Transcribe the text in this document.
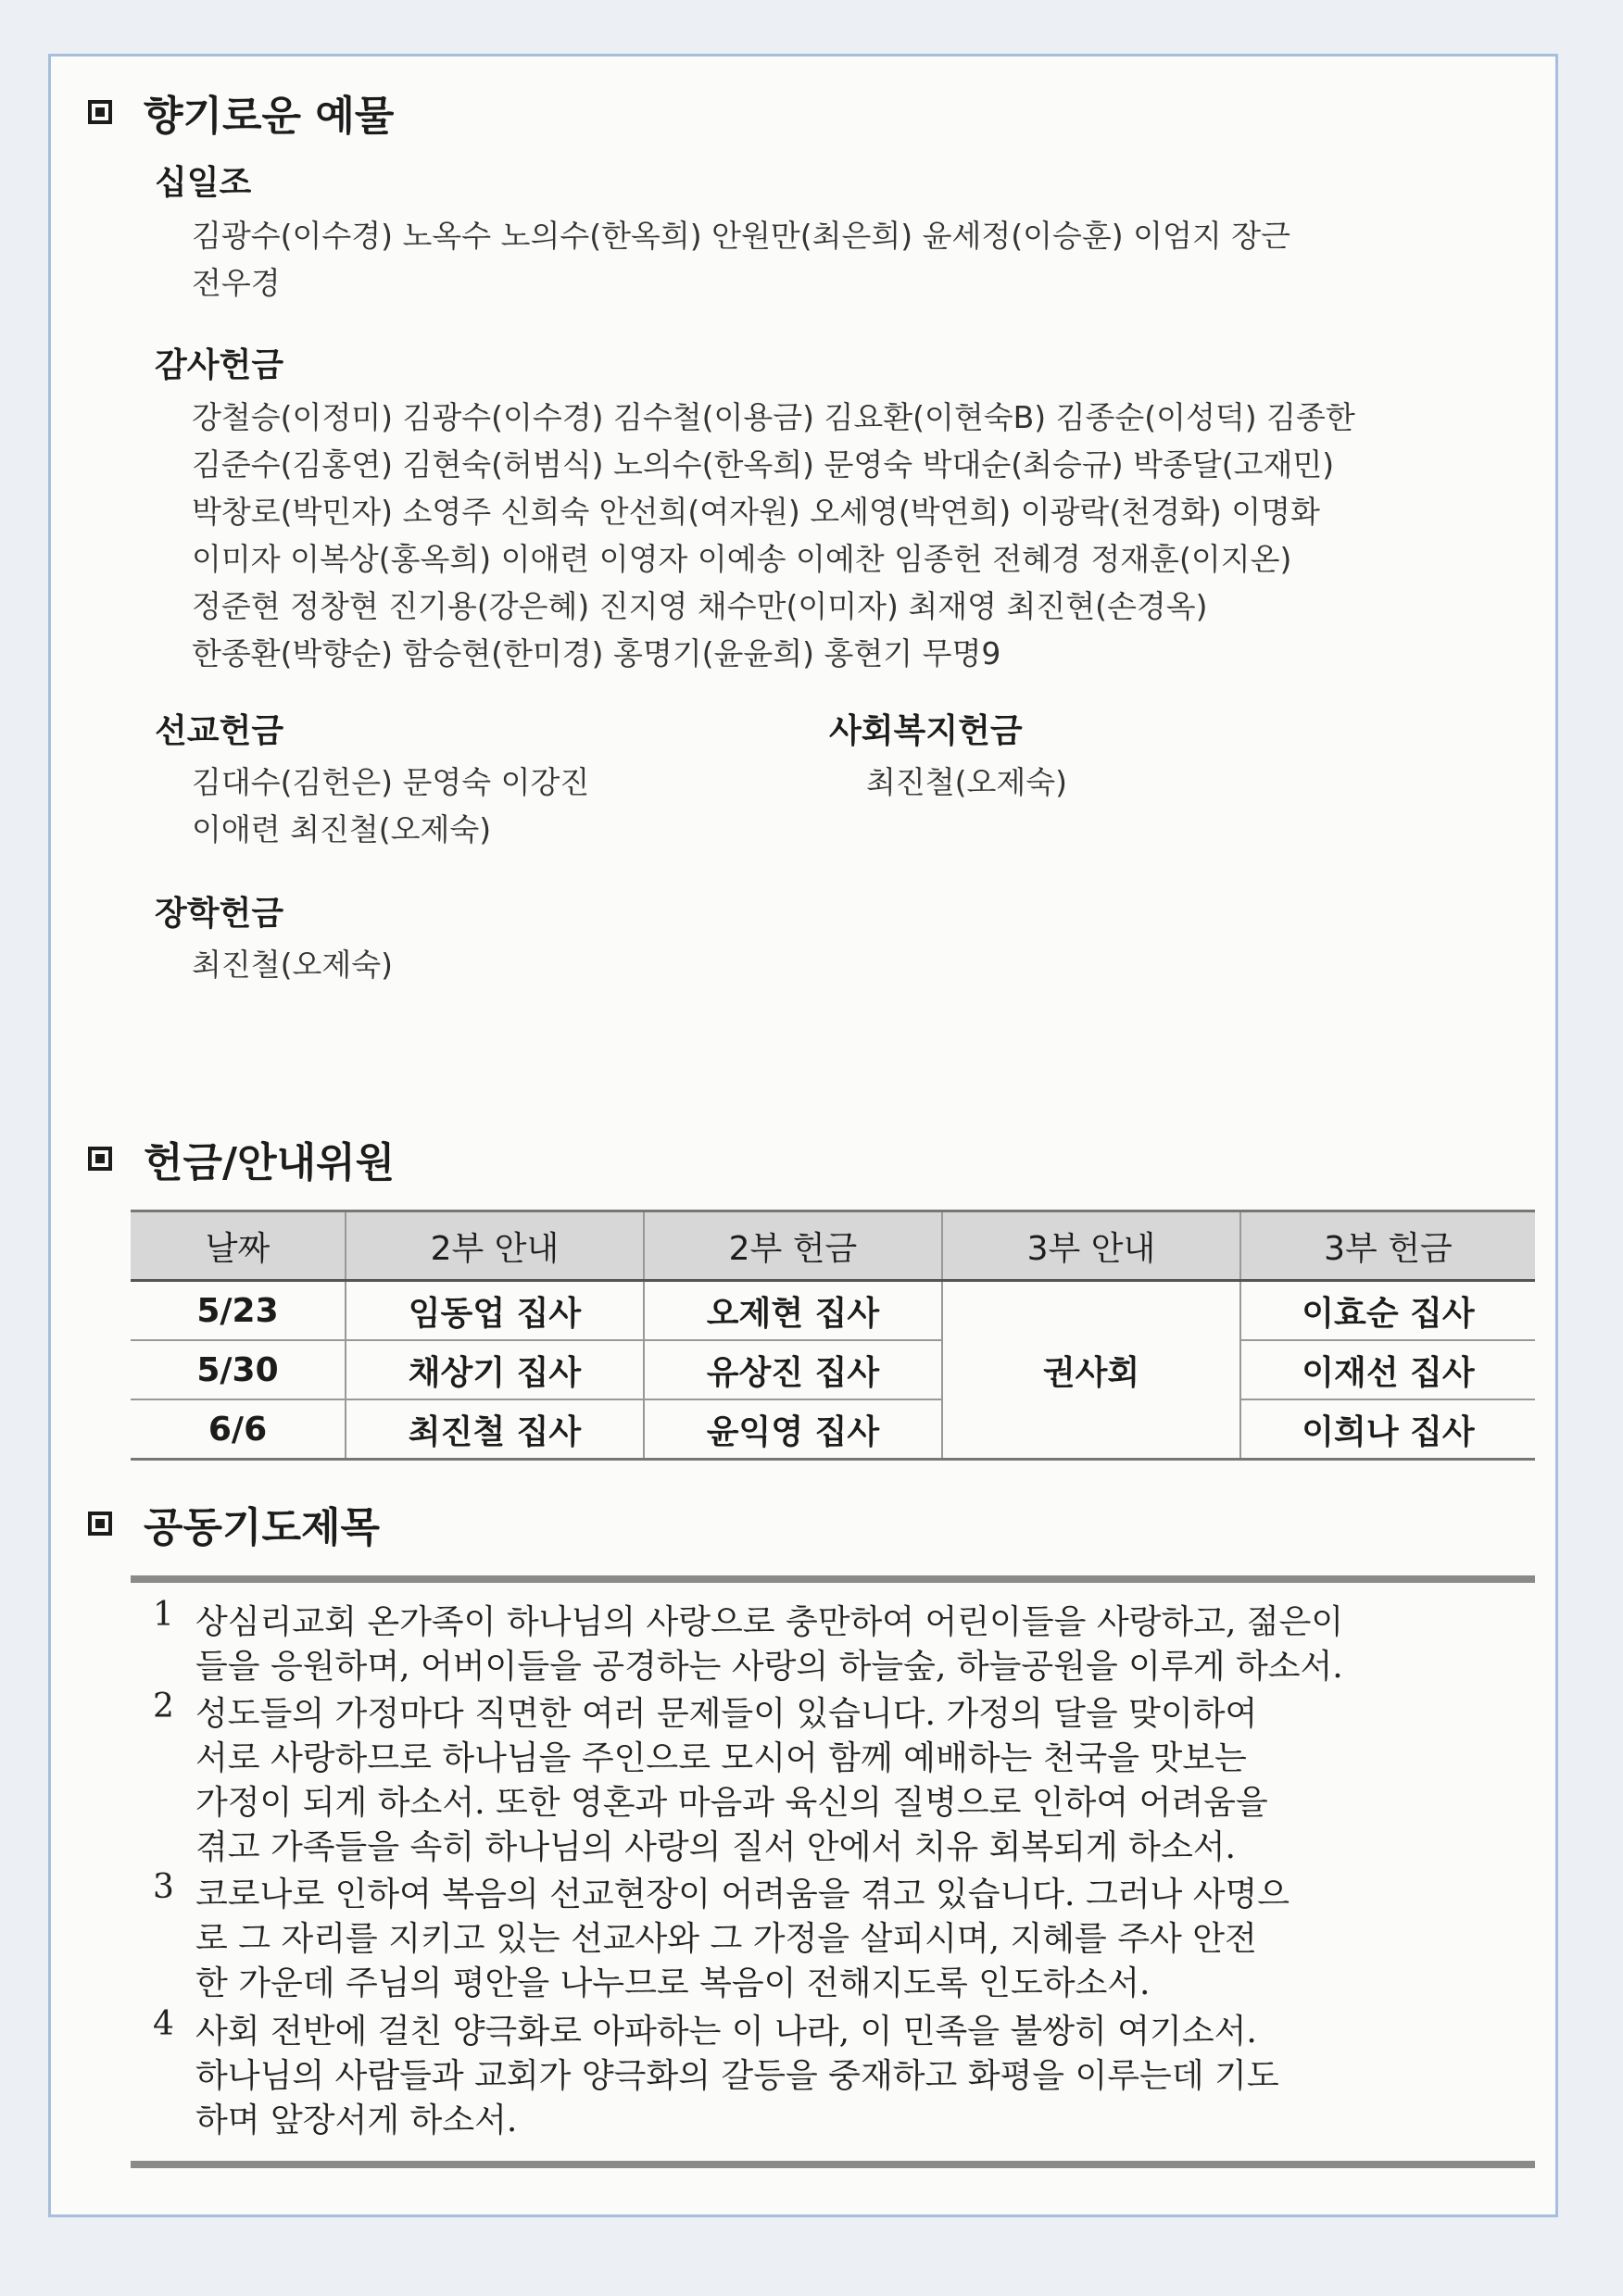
향기로운 예물
십일조
김광수(이수경) 노옥수 노의수(한옥희) 안원만(최은희) 윤세정(이승훈) 이엄지 장근
전우경
감사헌금
강철승(이정미) 김광수(이수경) 김수철(이용금) 김요환(이현숙B) 김종순(이성덕) 김종한
김준수(김홍연) 김현숙(허범식) 노의수(한옥희) 문영숙 박대순(최승규) 박종달(고재민)
박창로(박민자) 소영주 신희숙 안선희(여자원) 오세영(박연희) 이광락(천경화) 이명화
이미자 이복상(홍옥희) 이애련 이영자 이예송 이예찬 임종헌 전혜경 정재훈(이지온)
정준현 정창현 진기용(강은혜) 진지영 채수만(이미자) 최재영 최진현(손경옥)
한종환(박향순) 함승현(한미경) 홍명기(윤윤희) 홍현기 무명9
선교헌금
김대수(김헌은) 문영숙 이강진
이애련 최진철(오제숙)
사회복지헌금
최진철(오제숙)
장학헌금
최진철(오제숙)
헌금/안내위원
날짜	2부 안내	2부 헌금	3부 안내	3부 헌금
5/23	임동업 집사	오제현 집사	권사회	이효순 집사
5/30	채상기 집사	유상진 집사		이재선 집사
6/6	최진철 집사	윤익영 집사		이희나 집사
공동기도제목
1 상심리교회 온가족이 하나님의 사랑으로 충만하여 어린이들을 사랑하고, 젊은이
들을 응원하며, 어버이들을 공경하는 사랑의 하늘숲, 하늘공원을 이루게 하소서.
2 성도들의 가정마다 직면한 여러 문제들이 있습니다. 가정의 달을 맞이하여
서로 사랑하므로 하나님을 주인으로 모시어 함께 예배하는 천국을 맛보는
가정이 되게 하소서. 또한 영혼과 마음과 육신의 질병으로 인하여 어려움을
겪고 가족들을 속히 하나님의 사랑의 질서 안에서 치유 회복되게 하소서.
3 코로나로 인하여 복음의 선교현장이 어려움을 겪고 있습니다. 그러나 사명으
로 그 자리를 지키고 있는 선교사와 그 가정을 살피시며, 지혜를 주사 안전
한 가운데 주님의 평안을 나누므로 복음이 전해지도록 인도하소서.
4 사회 전반에 걸친 양극화로 아파하는 이 나라, 이 민족을 불쌍히 여기소서.
하나님의 사람들과 교회가 양극화의 갈등을 중재하고 화평을 이루는데 기도
하며 앞장서게 하소서.
